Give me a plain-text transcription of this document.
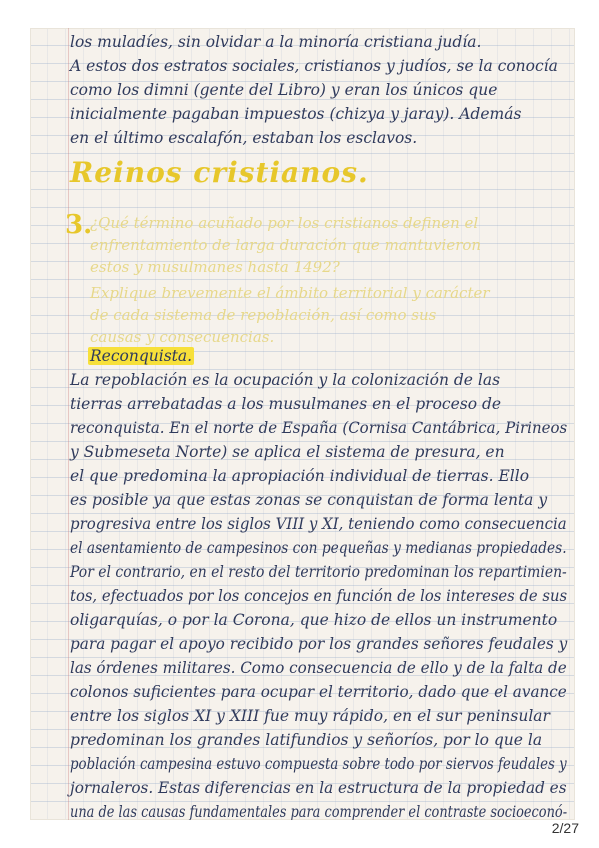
los muladíes, sin olvidar a la minoría cristiana judía.
A estos dos estratos sociales, cristianos y judíos, se la conocía
como los dimni (gente del Libro) y eran los únicos que
inicialmente pagaban impuestos (chizya y jaray). Además
en el último escalafón, estaban los esclavos.
Reinos cristianos.
3.
¿Qué término acuñado por los cristianos definen el
enfrentamiento de larga duración que mantuvieron
estos y musulmanes hasta 1492?
Explique brevemente el ámbito territorial y carácter
de cada sistema de repoblación, así como sus
causas y consecuencias.
Reconquista.
La repoblación es la ocupación y la colonización de las
tierras arrebatadas a los musulmanes en el proceso de
reconquista. En el norte de España (Cornisa Cantábrica, Pirineos
y Submeseta Norte) se aplica el sistema de presura, en
el que predomina la apropiación individual de tierras. Ello
es posible ya que estas zonas se conquistan de forma lenta y
progresiva entre los siglos VIII y XI, teniendo como consecuencia
el asentamiento de campesinos con pequeñas y medianas propiedades.
Por el contrario, en el resto del territorio predominan los repartimien-
tos, efectuados por los concejos en función de los intereses de sus
oligarquías, o por la Corona, que hizo de ellos un instrumento
para pagar el apoyo recibido por los grandes señores feudales y
las órdenes militares. Como consecuencia de ello y de la falta de
colonos suficientes para ocupar el territorio, dado que el avance
entre los siglos XI y XIII fue muy rápido, en el sur peninsular
predominan los grandes latifundios y señoríos, por lo que la
población campesina estuvo compuesta sobre todo por siervos feudales y
jornaleros. Estas diferencias en la estructura de la propiedad es
una de las causas fundamentales para comprender el contraste socioeconó-
2/27
